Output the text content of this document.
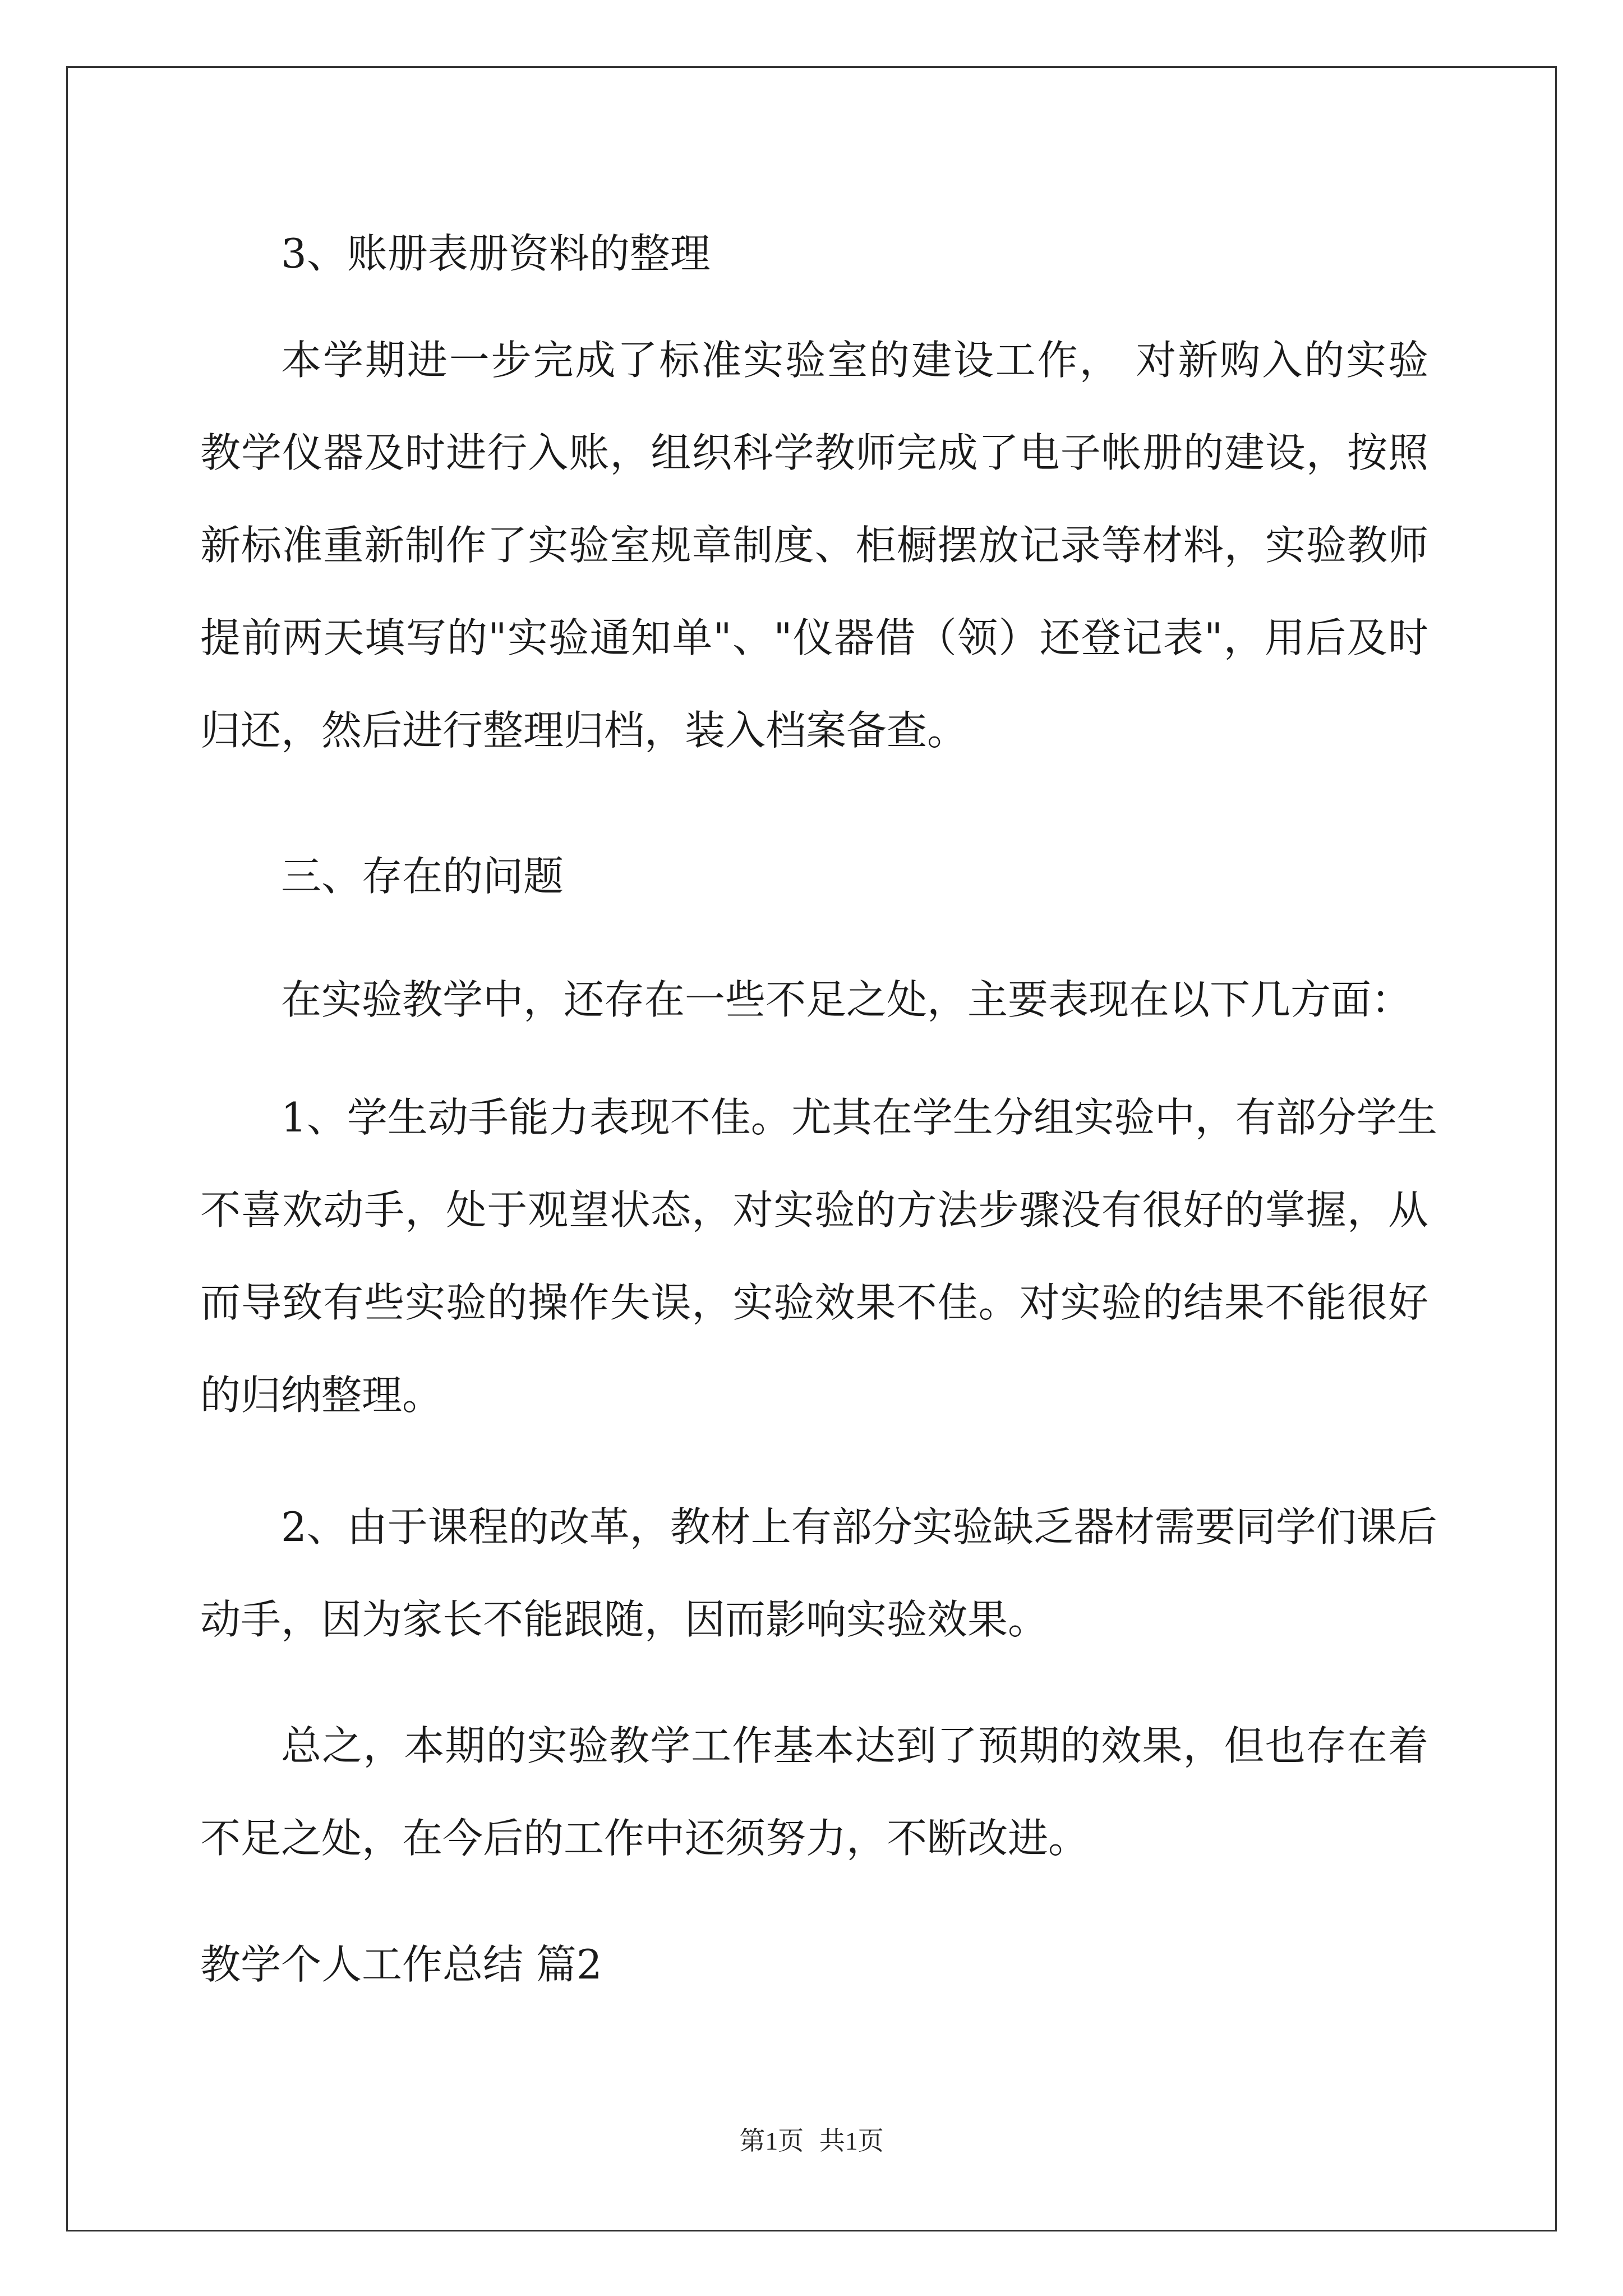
3、账册表册资料的整理
本学期进一步完成了标准实验室的建设工作， 对新购入的实验
教学仪器及时进行入账，组织科学教师完成了电子帐册的建设，按照
新标准重新制作了实验室规章制度、柜橱摆放记录等材料，实验教师
提前两天填写的"实验通知单"、"仪器借（领）还登记表"，用后及时
归还，然后进行整理归档，装入档案备查。
三、存在的问题
在实验教学中，还存在一些不足之处，主要表现在以下几方面：
1、学生动手能力表现不佳。尤其在学生分组实验中，有部分学生
不喜欢动手，处于观望状态，对实验的方法步骤没有很好的掌握，从
而导致有些实验的操作失误，实验效果不佳。对实验的结果不能很好
的归纳整理。
2、由于课程的改革，教材上有部分实验缺乏器材需要同学们课后
动手，因为家长不能跟随，因而影响实验效果。
总之，本期的实验教学工作基本达到了预期的效果，但也存在着
不足之处，在今后的工作中还须努力，不断改进。
教学个人工作总结 篇2
第1页 共1页
